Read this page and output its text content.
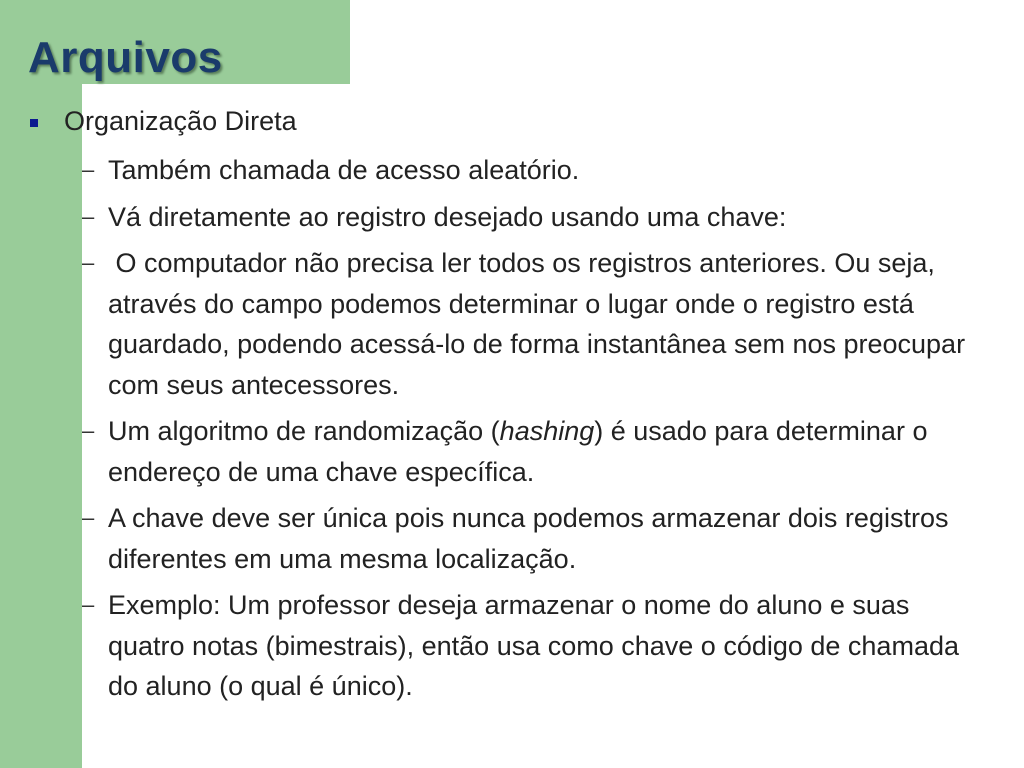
Arquivos
Organização Direta
– Também chamada de acesso aleatório.
– Vá diretamente ao registro desejado usando uma chave:
– O computador não precisa ler todos os registros anteriores. Ou seja, através do campo podemos determinar o lugar onde o registro está guardado, podendo acessá-lo de forma instantânea sem nos preocupar com seus antecessores.
– Um algoritmo de randomização (hashing) é usado para determinar o endereço de uma chave específica.
– A chave deve ser única pois nunca podemos armazenar dois registros diferentes em uma mesma localização.
– Exemplo: Um professor deseja armazenar o nome do aluno e suas quatro notas (bimestrais), então usa como chave o código de chamada do aluno (o qual é único).
